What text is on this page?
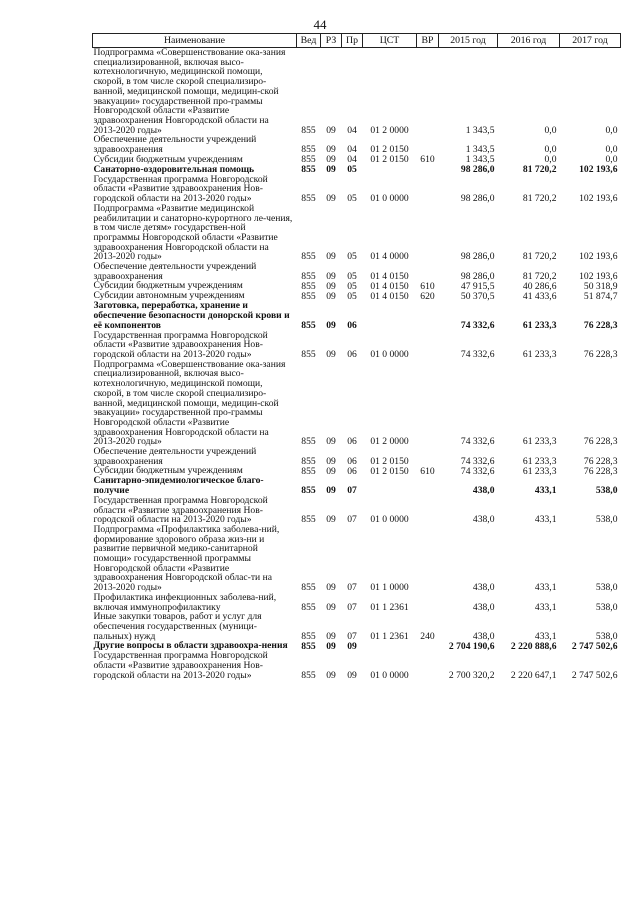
44
Наименование	Вед	РЗ	Пр	ЦСТ	ВР	2015 год	2016 год	2017 год
Подпрограмма «Совершенствование ока-зания специализированной, включая высо-котехнологичную, медицинской помощи, скорой, в том числе скорой специализиро-ванной, медицинской помощи, медицин-ской эвакуации» государственной про-граммы Новгородской области «Развитие здравоохранения Новгородской области на 2013-2020 годы»	855	09	04	01 2 0000		1 343,5	0,0	0,0
Обеспечение деятельности учреждений здравоохранения	855	09	04	01 2 0150		1 343,5	0,0	0,0
Субсидии бюджетным учреждениям	855	09	04	01 2 0150	610	1 343,5	0,0	0,0
Санаторно-оздоровительная помощь	855	09	05			98 286,0	81 720,2	102 193,6
Государственная программа Новгородской области «Развитие здравоохранения Нов-городской области на 2013-2020 годы»	855	09	05	01 0 0000		98 286,0	81 720,2	102 193,6
Подпрограмма «Развитие медицинской реабилитации и санаторно-курортного ле-чения, в том числе детям» государствен-ной программы Новгородской области «Развитие здравоохранения Новгородской области на 2013-2020 годы»	855	09	05	01 4 0000		98 286,0	81 720,2	102 193,6
Обеспечение деятельности учреждений здравоохранения	855	09	05	01 4 0150		98 286,0	81 720,2	102 193,6
Субсидии бюджетным учреждениям	855	09	05	01 4 0150	610	47 915,5	40 286,6	50 318,9
Субсидии автономным учреждениям	855	09	05	01 4 0150	620	50 370,5	41 433,6	51 874,7
Заготовка, переработка, хранение и обеспечение безопасности донорской крови и её компонентов	855	09	06			74 332,6	61 233,3	76 228,3
Государственная программа Новгородской области «Развитие здравоохранения Нов-городской области на 2013-2020 годы»	855	09	06	01 0 0000		74 332,6	61 233,3	76 228,3
Подпрограмма «Совершенствование ока-зания специализированной, включая высо-котехнологичную, медицинской помощи, скорой, в том числе скорой специализиро-ванной, медицинской помощи, медицин-ской эвакуации» государственной про-граммы Новгородской области «Развитие здравоохранения Новгородской области на 2013-2020 годы»	855	09	06	01 2 0000		74 332,6	61 233,3	76 228,3
Обеспечение деятельности учреждений здравоохранения	855	09	06	01 2 0150		74 332,6	61 233,3	76 228,3
Субсидии бюджетным учреждениям	855	09	06	01 2 0150	610	74 332,6	61 233,3	76 228,3
Санитарно-эпидемиологическое благо-получие	855	09	07			438,0	433,1	538,0
Государственная программа Новгородской области «Развитие здравоохранения Нов-городской области на 2013-2020 годы»	855	09	07	01 0 0000		438,0	433,1	538,0
Подпрограмма «Профилактика заболева-ний, формирование здорового образа жиз-ни и развитие первичной медико-санитарной помощи» государственной программы Новгородской области «Развитие здравоохранения Новгородской облас-ти на 2013-2020 годы»	855	09	07	01 1 0000		438,0	433,1	538,0
Профилактика инфекционных заболева-ний, включая иммунопрофилактику	855	09	07	01 1 2361		438,0	433,1	538,0
Иные закупки товаров, работ и услуг для обеспечения государственных (муници-пальных) нужд	855	09	07	01 1 2361	240	438,0	433,1	538,0
Другие вопросы в области здравоохра-нения	855	09	09			2 704 190,6	2 220 888,6	2 747 502,6
Государственная программа Новгородской области «Развитие здравоохранения Нов-городской области на 2013-2020 годы»	855	09	09	01 0 0000		2 700 320,2	2 220 647,1	2 747 502,6
